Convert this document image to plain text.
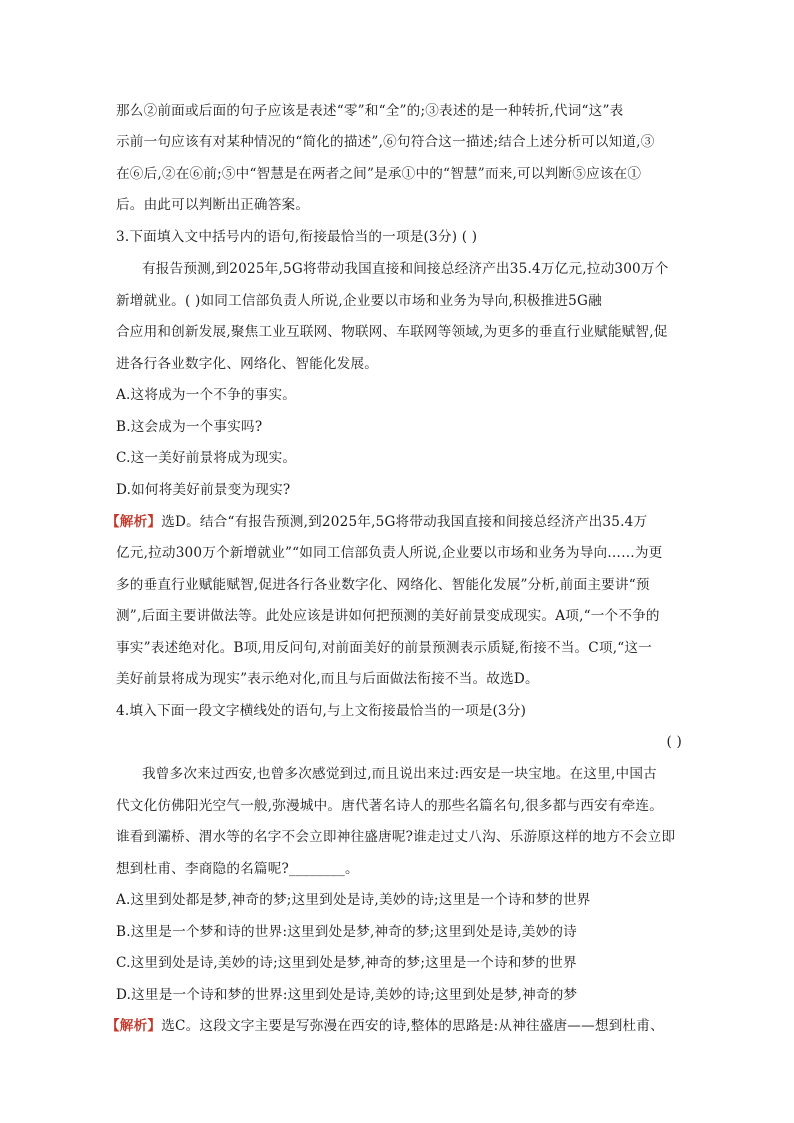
那么②前面或后面的句子应该是表述“零”和“全”的;③表述的是一种转折,代词“这”表
示前一句应该有对某种情况的“简化的描述”,⑥句符合这一描述;结合上述分析可以知道,③
在⑥后,②在⑥前;⑤中“智慧是在两者之间”是承①中的“智慧”而来,可以判断⑤应该在①
后。由此可以判断出正确答案。
3.下面填入文中括号内的语句,衔接最恰当的一项是(3分) ( )
有报告预测,到2025年,5G将带动我国直接和间接总经济产出35.4万亿元,拉动300万个
新增就业。( )如同工信部负责人所说,企业要以市场和业务为导向,积极推进5G融
合应用和创新发展,聚焦工业互联网、物联网、车联网等领域,为更多的垂直行业赋能赋智,促
进各行各业数字化、网络化、智能化发展。
A.这将成为一个不争的事实。
B.这会成为一个事实吗?
C.这一美好前景将成为现实。
D.如何将美好前景变为现实?
【解析】选D。结合“有报告预测,到2025年,5G将带动我国直接和间接总经济产出35.4万
亿元,拉动300万个新增就业”“如同工信部负责人所说,企业要以市场和业务为导向……为更
多的垂直行业赋能赋智,促进各行各业数字化、网络化、智能化发展”分析,前面主要讲“预
测”,后面主要讲做法等。此处应该是讲如何把预测的美好前景变成现实。A项,“一个不争的
事实”表述绝对化。B项,用反问句,对前面美好的前景预测表示质疑,衔接不当。C项,“这一
美好前景将成为现实”表示绝对化,而且与后面做法衔接不当。故选D。
4.填入下面一段文字横线处的语句,与上文衔接最恰当的一项是(3分)
( )
我曾多次来过西安,也曾多次感觉到过,而且说出来过:西安是一块宝地。在这里,中国古
代文化仿佛阳光空气一般,弥漫城中。唐代著名诗人的那些名篇名句,很多都与西安有牵连。
谁看到灞桥、渭水等的名字不会立即神往盛唐呢?谁走过丈八沟、乐游原这样的地方不会立即
想到杜甫、李商隐的名篇呢?________。
A.这里到处都是梦,神奇的梦;这里到处是诗,美妙的诗;这里是一个诗和梦的世界
B.这里是一个梦和诗的世界:这里到处是梦,神奇的梦;这里到处是诗,美妙的诗
C.这里到处是诗,美妙的诗;这里到处是梦,神奇的梦;这里是一个诗和梦的世界
D.这里是一个诗和梦的世界:这里到处是诗,美妙的诗;这里到处是梦,神奇的梦
【解析】选C。这段文字主要是写弥漫在西安的诗,整体的思路是:从神往盛唐——想到杜甫、
